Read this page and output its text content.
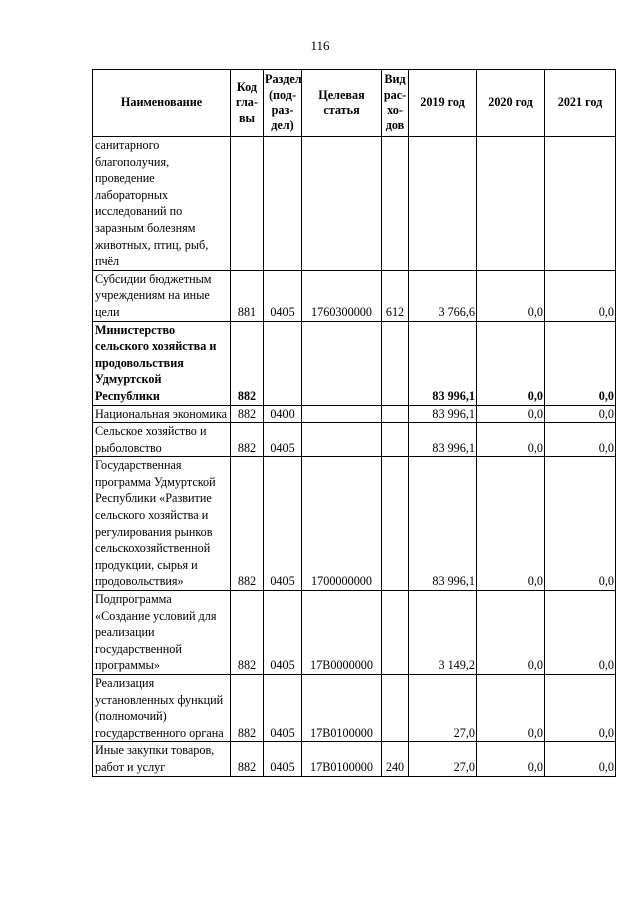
116
Наименование	Код гла-вы	Раздел (под-раз-дел)	Целевая статья	Вид рас-хо-дов	2019 год	2020 год	2021 год
санитарного благополучия, проведение лабораторных исследований по заразным болезням животных, птиц, рыб, пчёл							
Субсидии бюджетным учреждениям на иные цели	881	0405	1760300000	612	3 766,6	0,0	0,0
Министерство сельского хозяйства и продовольствия Удмуртской Республики	882				83 996,1	0,0	0,0
Национальная экономика	882	0400			83 996,1	0,0	0,0
Сельское хозяйство и рыболовство	882	0405			83 996,1	0,0	0,0
Государственная программа Удмуртской Республики «Развитие сельского хозяйства и регулирования рынков сельскохозяйственной продукции, сырья и продовольствия»	882	0405	1700000000		83 996,1	0,0	0,0
Подпрограмма «Создание условий для реализации государственной программы»	882	0405	17B0000000		3 149,2	0,0	0,0
Реализация установленных функций (полномочий) государственного органа	882	0405	17B0100000		27,0	0,0	0,0
Иные закупки товаров, работ и услуг	882	0405	17B0100000	240	27,0	0,0	0,0
